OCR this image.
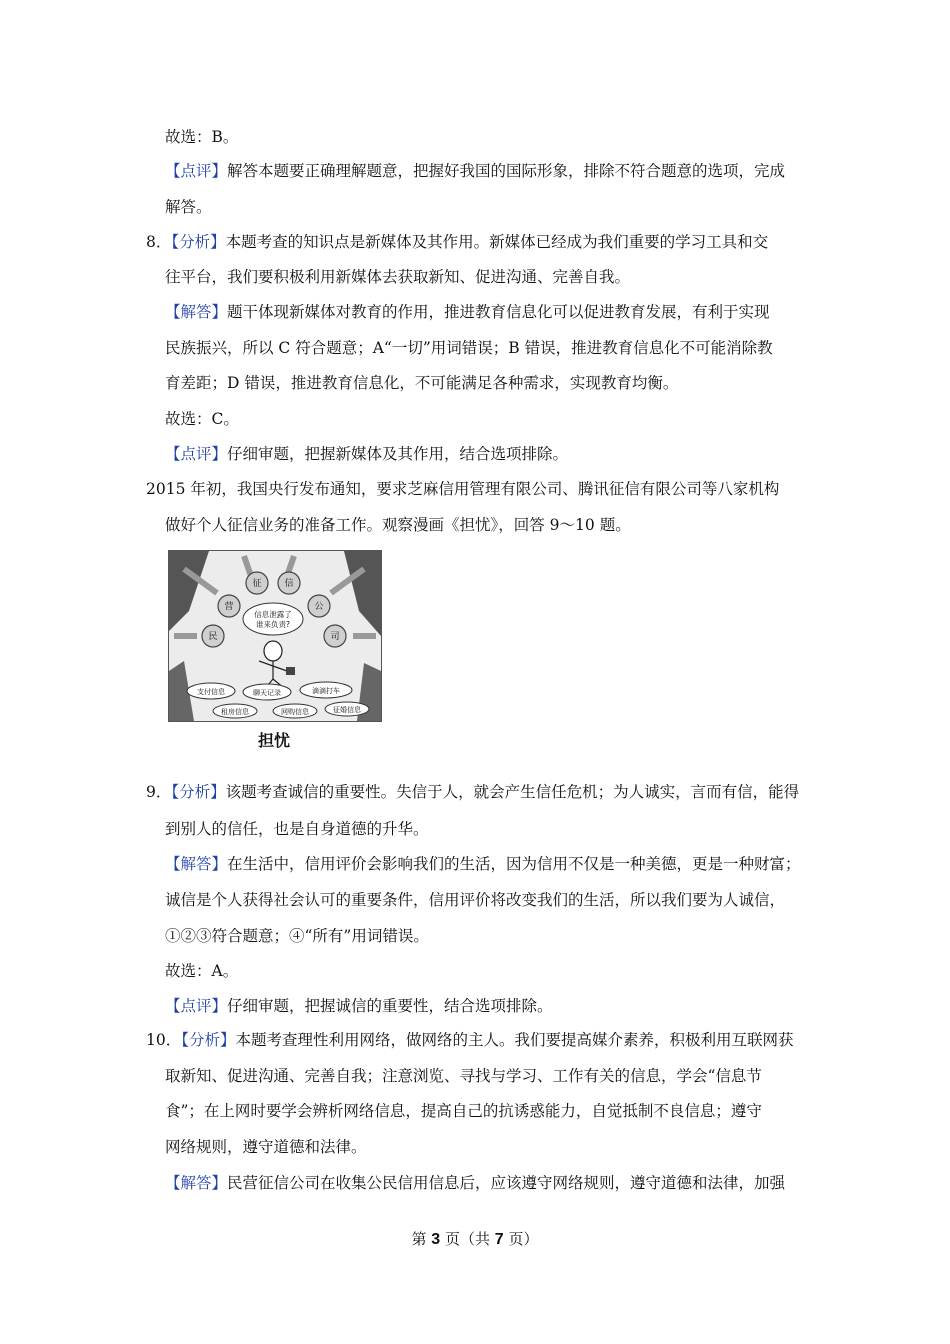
故选：B。
【点评】解答本题要正确理解题意，把握好我国的国际形象，排除不符合题意的选项，完成
解答。
8．【分析】本题考查的知识点是新媒体及其作用。新媒体已经成为我们重要的学习工具和交
往平台，我们要积极利用新媒体去获取新知、促进沟通、完善自我。
【解答】题干体现新媒体对教育的作用，推进教育信息化可以促进教育发展，有利于实现
民族振兴，所以 C 符合题意；A“一切”用词错误；B 错误，推进教育信息化不可能消除教
育差距；D 错误，推进教育信息化，不可能满足各种需求，实现教育均衡。
故选：C。
【点评】仔细审题，把握新媒体及其作用，结合选项排除。
2015 年初，我国央行发布通知，要求芝麻信用管理有限公司、腾讯征信有限公司等八家机构
做好个人征信业务的准备工作。观察漫画《担忧》，回答 9～10 题。
征	信
公
司
民
营
信息泄露了
谁来负责?
支付信息	聊天记录	滴滴打车
租房信息	网购信息	征婚信息
担忧
9．【分析】该题考查诚信的重要性。失信于人，就会产生信任危机；为人诚实，言而有信，能得
到别人的信任，也是自身道德的升华。
【解答】在生活中，信用评价会影响我们的生活，因为信用不仅是一种美德，更是一种财富；
诚信是个人获得社会认可的重要条件，信用评价将改变我们的生活，所以我们要为人诚信，
①②③符合题意；④“所有”用词错误。
故选：A。
【点评】仔细审题，把握诚信的重要性，结合选项排除。
10．【分析】本题考查理性利用网络，做网络的主人。我们要提高媒介素养，积极利用互联网获
取新知、促进沟通、完善自我；注意浏览、寻找与学习、工作有关的信息，学会“信息节
食”；在上网时要学会辨析网络信息，提高自己的抗诱惑能力，自觉抵制不良信息；遵守
网络规则，遵守道德和法律。
【解答】民营征信公司在收集公民信用信息后，应该遵守网络规则，遵守道德和法律，加强
第 3 页（共 7 页）
